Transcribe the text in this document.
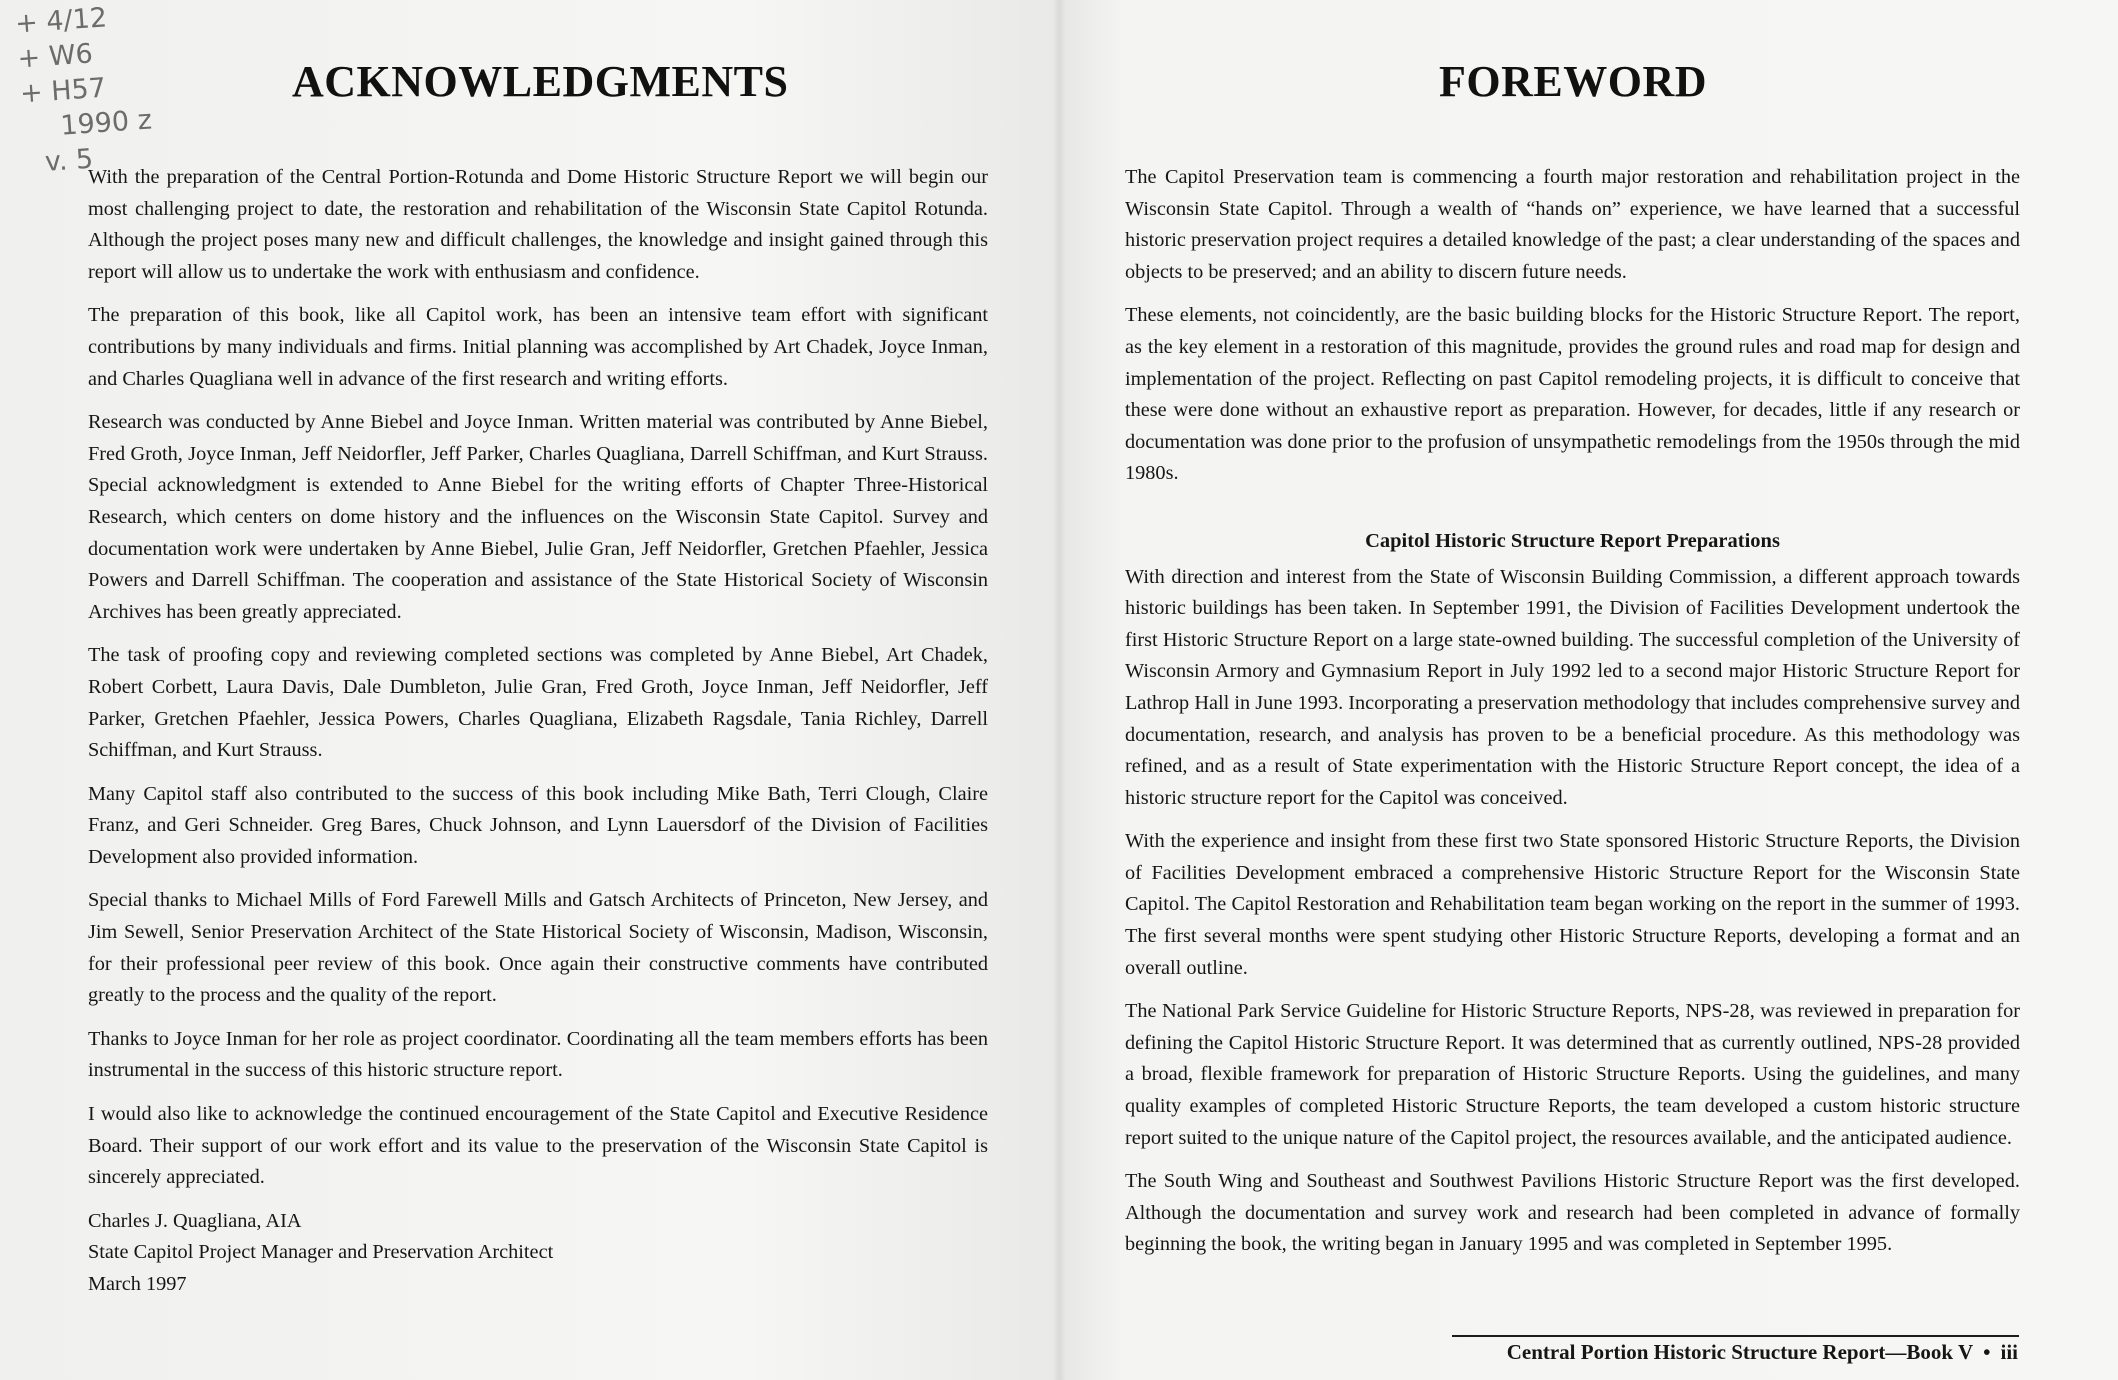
+ 4/12
+ W6
+ H57
1990 z
v. 5
ACKNOWLEDGMENTS

With the preparation of the Central Portion-Rotunda and Dome Historic Structure Report we will begin our most challenging project to date, the restoration and rehabilitation of the Wisconsin State Capitol Rotunda. Although the project poses many new and difficult challenges, the knowledge and insight gained through this report will allow us to undertake the work with enthusiasm and confidence.

The preparation of this book, like all Capitol work, has been an intensive team effort with significant contributions by many individuals and firms. Initial planning was accomplished by Art Chadek, Joyce Inman, and Charles Quagliana well in advance of the first research and writing efforts.

Research was conducted by Anne Biebel and Joyce Inman. Written material was contributed by Anne Biebel, Fred Groth, Joyce Inman, Jeff Neidorfler, Jeff Parker, Charles Quagliana, Darrell Schiffman, and Kurt Strauss. Special acknowledgment is extended to Anne Biebel for the writing efforts of Chapter Three-Historical Research, which centers on dome history and the influences on the Wisconsin State Capitol. Survey and documentation work were undertaken by Anne Biebel, Julie Gran, Jeff Neidorfler, Gretchen Pfaehler, Jessica Powers and Darrell Schiffman. The cooperation and assistance of the State Historical Society of Wisconsin Archives has been greatly appreciated.

The task of proofing copy and reviewing completed sections was completed by Anne Biebel, Art Chadek, Robert Corbett, Laura Davis, Dale Dumbleton, Julie Gran, Fred Groth, Joyce Inman, Jeff Neidorfler, Jeff Parker, Gretchen Pfaehler, Jessica Powers, Charles Quagliana, Elizabeth Ragsdale, Tania Richley, Darrell Schiffman, and Kurt Strauss.

Many Capitol staff also contributed to the success of this book including Mike Bath, Terri Clough, Claire Franz, and Geri Schneider. Greg Bares, Chuck Johnson, and Lynn Lauersdorf of the Division of Facilities Development also provided information.

Special thanks to Michael Mills of Ford Farewell Mills and Gatsch Architects of Princeton, New Jersey, and Jim Sewell, Senior Preservation Architect of the State Historical Society of Wisconsin, Madison, Wisconsin, for their professional peer review of this book. Once again their constructive comments have contributed greatly to the process and the quality of the report.

Thanks to Joyce Inman for her role as project coordinator. Coordinating all the team members efforts has been instrumental in the success of this historic structure report.

I would also like to acknowledge the continued encouragement of the State Capitol and Executive Residence Board. Their support of our work effort and its value to the preservation of the Wisconsin State Capitol is sincerely appreciated.

Charles J. Quagliana, AIA

State Capitol Project Manager and Preservation Architect

March 1997

FOREWORD

The Capitol Preservation team is commencing a fourth major restoration and rehabilitation project in the Wisconsin State Capitol. Through a wealth of “hands on” experience, we have learned that a successful historic preservation project requires a detailed knowledge of the past; a clear understanding of the spaces and objects to be preserved; and an ability to discern future needs.

These elements, not coincidently, are the basic building blocks for the Historic Structure Report. The report, as the key element in a restoration of this magnitude, provides the ground rules and road map for design and implementation of the project. Reflecting on past Capitol remodeling projects, it is difficult to conceive that these were done without an exhaustive report as preparation. However, for decades, little if any research or documentation was done prior to the profusion of unsympathetic remodelings from the 1950s through the mid 1980s.

Capitol Historic Structure Report Preparations

With direction and interest from the State of Wisconsin Building Commission, a different approach towards historic buildings has been taken. In September 1991, the Division of Facilities Development undertook the first Historic Structure Report on a large state-owned building. The successful completion of the University of Wisconsin Armory and Gymnasium Report in July 1992 led to a second major Historic Structure Report for Lathrop Hall in June 1993. Incorporating a preservation methodology that includes comprehensive survey and documentation, research, and analysis has proven to be a beneficial procedure. As this methodology was refined, and as a result of State experimentation with the Historic Structure Report concept, the idea of a historic structure report for the Capitol was conceived.

With the experience and insight from these first two State sponsored Historic Structure Reports, the Division of Facilities Development embraced a comprehensive Historic Structure Report for the Wisconsin State Capitol. The Capitol Restoration and Rehabilitation team began working on the report in the summer of 1993. The first several months were spent studying other Historic Structure Reports, developing a format and an overall outline.

The National Park Service Guideline for Historic Structure Reports, NPS-28, was reviewed in preparation for defining the Capitol Historic Structure Report. It was determined that as currently outlined, NPS-28 provided a broad, flexible framework for preparation of Historic Structure Reports. Using the guidelines, and many quality examples of completed Historic Structure Reports, the team developed a custom historic structure report suited to the unique nature of the Capitol project, the resources available, and the anticipated audience.

The South Wing and Southeast and Southwest Pavilions Historic Structure Report was the first developed. Although the documentation and survey work and research had been completed in advance of formally beginning the book, the writing began in January 1995 and was completed in September 1995.

Central Portion Historic Structure Report—Book V • iii
